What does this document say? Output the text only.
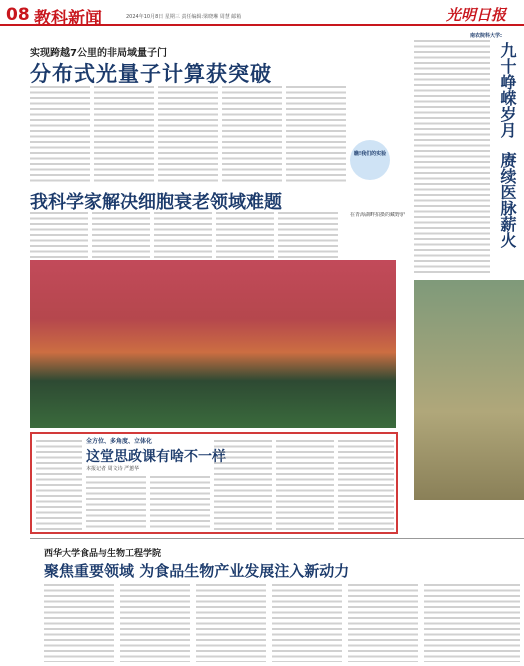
08 教科新闻	2024年10月8日 星期三 责任编辑:梁晓琳 周慧 邮箱	光明日报
实现跨越7公里的非局域量子门
分布式光量子计算获突破
瞧!我们的实验
我科学家解决细胞衰老领域难题
在青海湖畔拍摄的藏野驴
南农院科大学:
九十峥嵘岁月
赓续医脉薪火
全方位、多角度、立体化
这堂思政课有啥不一样
本报记者 周文诗 严蕙华
西华大学食品与生物工程学院
聚焦重要领域 为食品生物产业发展注入新动力
